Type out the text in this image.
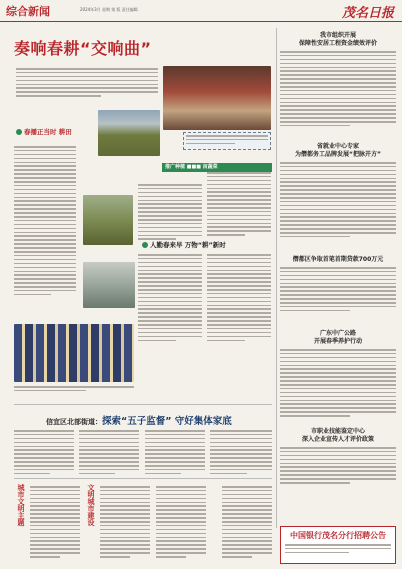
综合新闻	2024年3月 星期 第 版 责任编辑	茂名日报
奏响春耕“交响曲”
春播正当时 耕田
推广种植 ■■■ 亩蔬菜
人勤春来早 万物“耕”新时
信宜区北部街道：探索“五子监督” 守好集体家底
城市文明主题	文明城市建设
我市组织开展
保障性安居工程资金绩效评价
省就业中心专家
为僭都务工品牌发展“把脉开方”
僭都区争取首笔首期贷款700万元
广东中广公路
开展春季养护行动
市职业技能鉴定中心
深入企业宣传人才评价政策
中国银行茂名分行招聘公告
